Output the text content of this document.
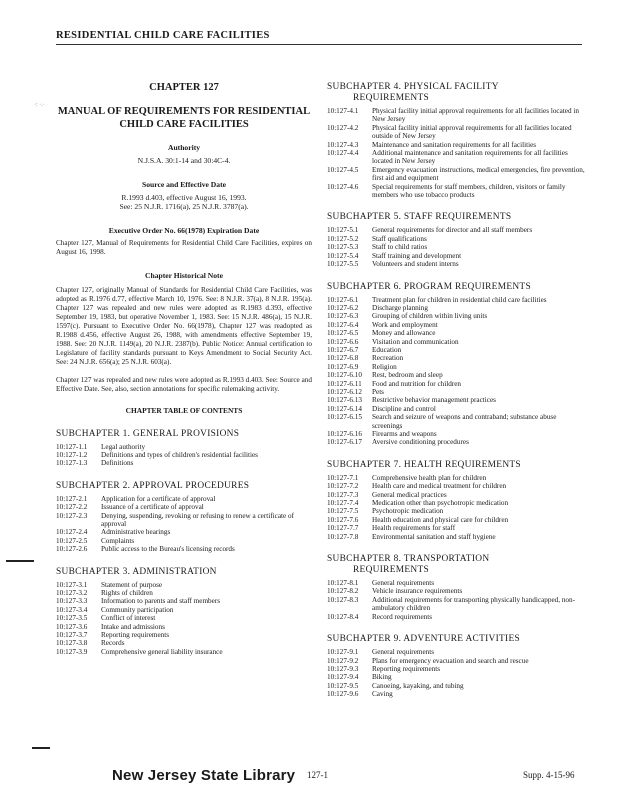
RESIDENTIAL CHILD CARE FACILITIES
·: ·.·
CHAPTER 127
MANUAL OF REQUIREMENTS FOR RESIDENTIAL
CHILD CARE FACILITIES
Authority
N.J.S.A. 30:1-14 and 30:4C-4.
Source and Effective Date
R.1993 d.403, effective August 16, 1993.
See: 25 N.J.R. 1716(a), 25 N.J.R. 3787(a).
Executive Order No. 66(1978) Expiration Date
Chapter 127, Manual of Requirements for Residential Child Care Facilities, expires on August 16, 1998.
Chapter Historical Note
Chapter 127, originally Manual of Standards for Residential Child Care Facilities, was adopted as R.1976 d.77, effective March 10, 1976. See: 8 N.J.R. 37(a), 8 N.J.R. 195(a). Chapter 127 was repealed and new rules were adopted as R.1983 d.393, effective September 19, 1983, but operative November 1, 1983. See: 15 N.J.R. 486(a), 15 N.J.R. 1597(c). Pursuant to Executive Order No. 66(1978), Chapter 127 was readopted as R.1988 d.456, effective August 26, 1988, with amendments effective September 19, 1988. See: 20 N.J.R. 1149(a), 20 N.J.R. 2387(b). Public Notice: Annual certification to Legislature of facility standards pursuant to Keys Amendment to Social Security Act. See: 24 N.J.R. 656(a); 25 N.J.R. 603(a).
Chapter 127 was repealed and new rules were adopted as R.1993 d.403. See: Source and Effective Date. See, also, section annotations for specific rulemaking activity.
CHAPTER TABLE OF CONTENTS
SUBCHAPTER 1. GENERAL PROVISIONS
10:127-1.1	Legal authority
10:127-1.2	Definitions and types of children's residential facilities
10:127-1.3	Definitions
SUBCHAPTER 2. APPROVAL PROCEDURES
10:127-2.1	Application for a certificate of approval
10:127-2.2	Issuance of a certificate of approval
10:127-2.3	Denying, suspending, revoking or refusing to renew a certificate of approval
10:127-2.4	Administrative hearings
10:127-2.5	Complaints
10:127-2.6	Public access to the Bureau's licensing records
SUBCHAPTER 3. ADMINISTRATION
10:127-3.1	Statement of purpose
10:127-3.2	Rights of children
10:127-3.3	Information to parents and staff members
10:127-3.4	Community participation
10:127-3.5	Conflict of interest
10:127-3.6	Intake and admissions
10:127-3.7	Reporting requirements
10:127-3.8	Records
10:127-3.9	Comprehensive general liability insurance
SUBCHAPTER 4. PHYSICAL FACILITY
REQUIREMENTS
10:127-4.1	Physical facility initial approval requirements for all facilities located in New Jersey
10:127-4.2	Physical facility initial approval requirements for all facilities located outside of New Jersey
10:127-4.3	Maintenance and sanitation requirements for all facilities
10:127-4.4	Additional maintenance and sanitation requirements for all facilities located in New Jersey
10:127-4.5	Emergency evacuation instructions, medical emergencies, fire prevention, first aid and equipment
10:127-4.6	Special requirements for staff members, children, visitors or family members who use tobacco products
SUBCHAPTER 5. STAFF REQUIREMENTS
10:127-5.1	General requirements for director and all staff members
10:127-5.2	Staff qualifications
10:127-5.3	Staff to child ratios
10:127-5.4	Staff training and development
10:127-5.5	Volunteers and student interns
SUBCHAPTER 6. PROGRAM REQUIREMENTS
10:127-6.1	Treatment plan for children in residential child care facilities
10:127-6.2	Discharge planning
10:127-6.3	Grouping of children within living units
10:127-6.4	Work and employment
10:127-6.5	Money and allowance
10:127-6.6	Visitation and communication
10:127-6.7	Education
10:127-6.8	Recreation
10:127-6.9	Religion
10:127-6.10	Rest, bedroom and sleep
10:127-6.11	Food and nutrition for children
10:127-6.12	Pets
10:127-6.13	Restrictive behavior management practices
10:127-6.14	Discipline and control
10:127-6.15	Search and seizure of weapons and contraband; substance abuse screenings
10:127-6.16	Firearms and weapons
10:127-6.17	Aversive conditioning procedures
SUBCHAPTER 7. HEALTH REQUIREMENTS
10:127-7.1	Comprehensive health plan for children
10:127-7.2	Health care and medical treatment for children
10:127-7.3	General medical practices
10:127-7.4	Medication other than psychotropic medication
10:127-7.5	Psychotropic medication
10:127-7.6	Health education and physical care for children
10:127-7.7	Health requirements for staff
10:127-7.8	Environmental sanitation and staff hygiene
SUBCHAPTER 8. TRANSPORTATION
REQUIREMENTS
10:127-8.1	General requirements
10:127-8.2	Vehicle insurance requirements
10:127-8.3	Additional requirements for transporting physically handicapped, non-ambulatory children
10:127-8.4	Record requirements
SUBCHAPTER 9. ADVENTURE ACTIVITIES
10:127-9.1	General requirements
10:127-9.2	Plans for emergency evacuation and search and rescue
10:127-9.3	Reporting requirements
10:127-9.4	Biking
10:127-9.5	Canoeing, kayaking, and tubing
10:127-9.6	Caving
New Jersey State Library 127-1	Supp. 4-15-96
